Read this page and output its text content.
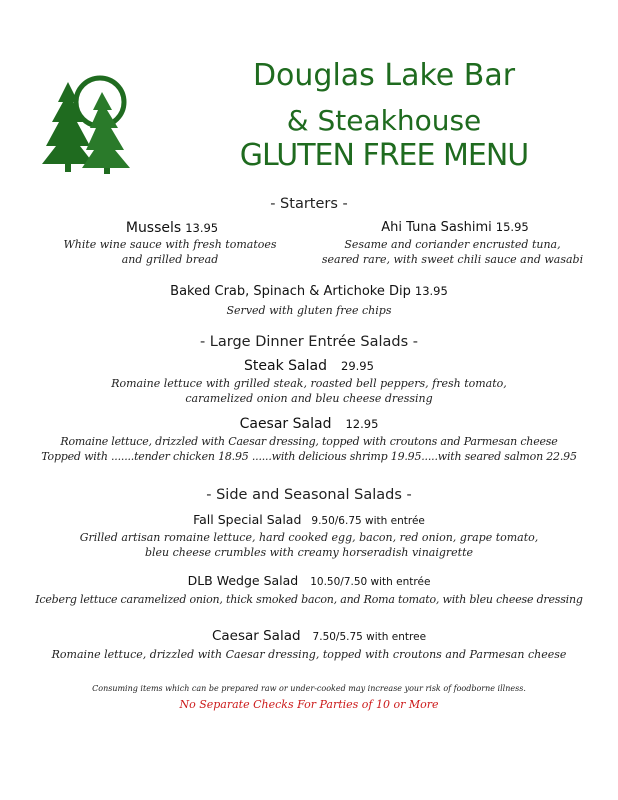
Douglas Lake Bar
& Steakhouse
GLUTEN FREE MENU
- Starters -
Mussels 13.95
White wine sauce with fresh tomatoes
and grilled bread
Ahi Tuna Sashimi 15.95
Sesame and coriander encrusted tuna,
seared rare, with sweet chili sauce and wasabi
Baked Crab, Spinach & Artichoke Dip 13.95
Served with gluten free chips
- Large Dinner Entrée Salads -
Steak Salad 29.95
Romaine lettuce with grilled steak, roasted bell peppers, fresh tomato,
caramelized onion and bleu cheese dressing
Caesar Salad 12.95
Romaine lettuce, drizzled with Caesar dressing, topped with croutons and Parmesan cheese
Topped with .......tender chicken 18.95 ......with delicious shrimp 19.95.....with seared salmon 22.95
- Side and Seasonal Salads -
Fall Special Salad 9.50/6.75 with entrée
Grilled artisan romaine lettuce, hard cooked egg, bacon, red onion, grape tomato,
bleu cheese crumbles with creamy horseradish vinaigrette
DLB Wedge Salad 10.50/7.50 with entrée
Iceberg lettuce caramelized onion, thick smoked bacon, and Roma tomato, with bleu cheese dressing
Caesar Salad 7.50/5.75 with entree
Romaine lettuce, drizzled with Caesar dressing, topped with croutons and Parmesan cheese
Consuming items which can be prepared raw or under-cooked may increase your risk of foodborne illness.
No Separate Checks For Parties of 10 or More
